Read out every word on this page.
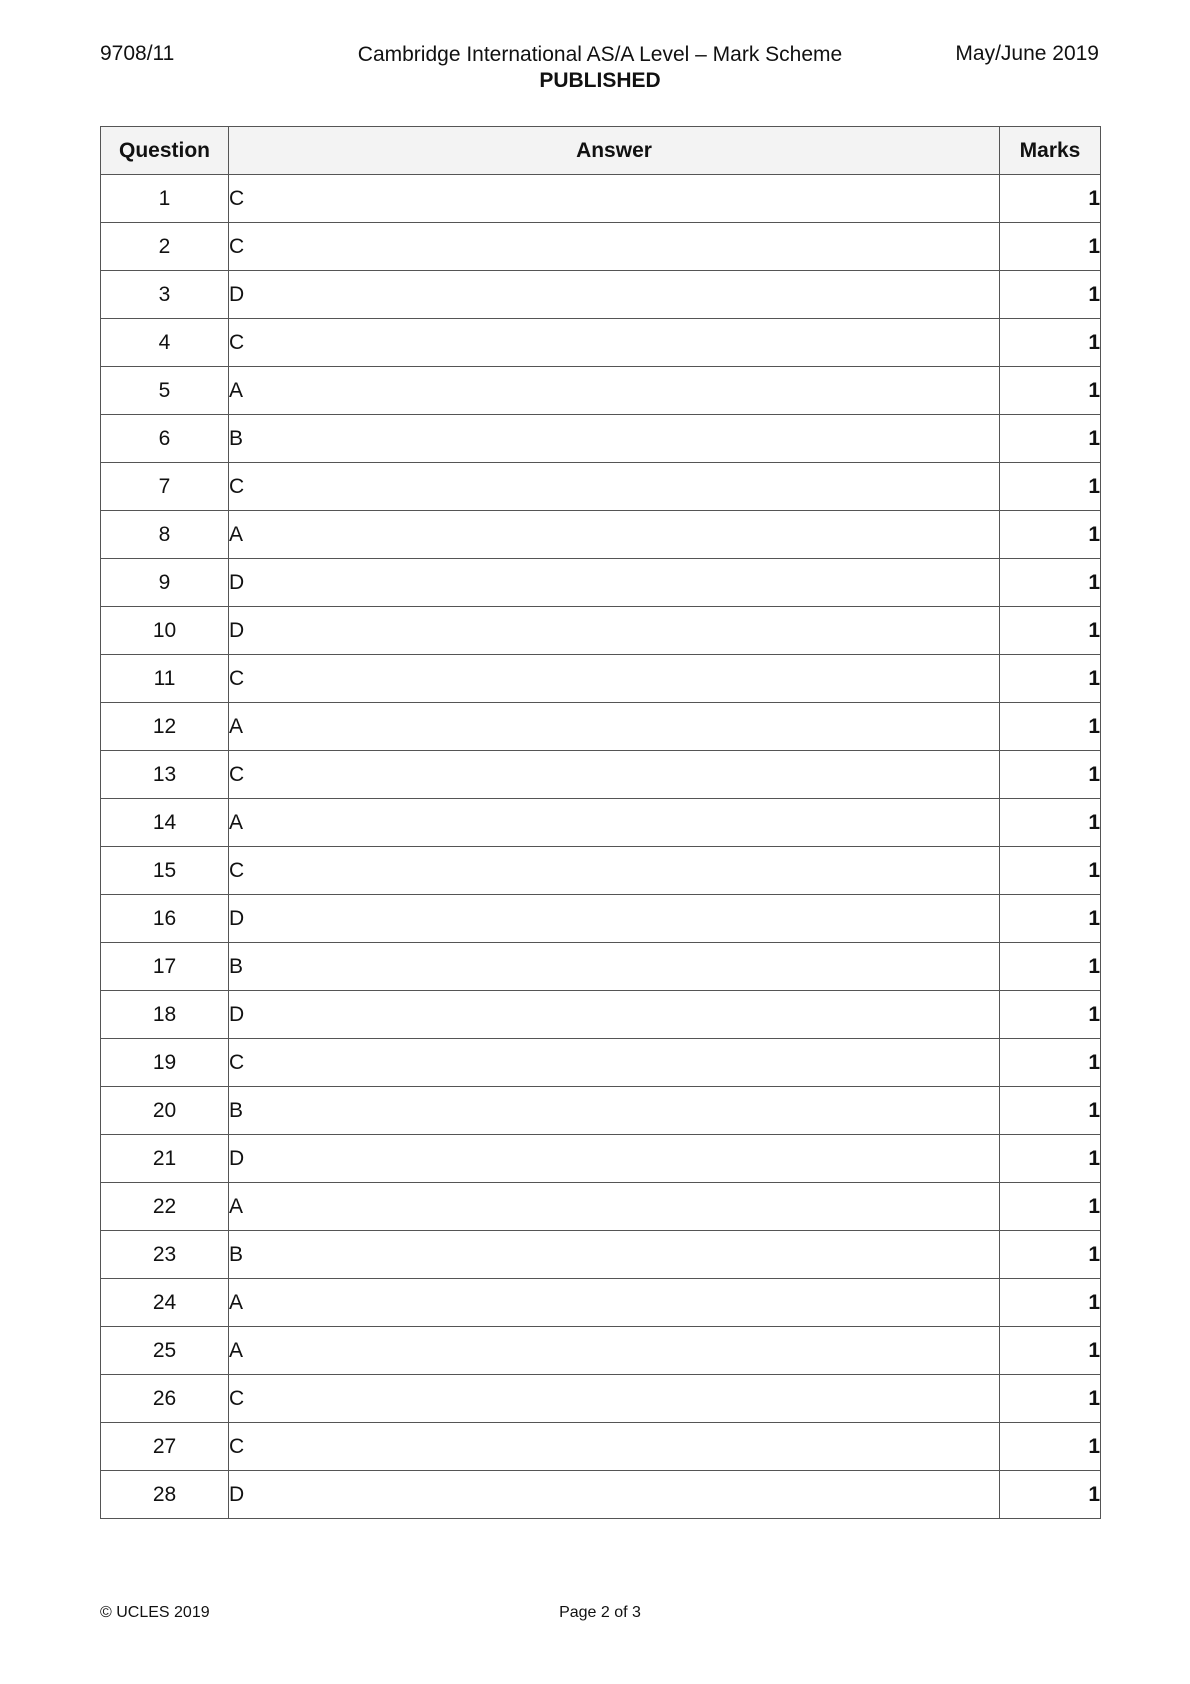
9708/11	Cambridge International AS/A Level – Mark Scheme
PUBLISHED
May/June 2019
Question	Answer	Marks
1	C	1
2	C	1
3	D	1
4	C	1
5	A	1
6	B	1
7	C	1
8	A	1
9	D	1
10	D	1
11	C	1
12	A	1
13	C	1
14	A	1
15	C	1
16	D	1
17	B	1
18	D	1
19	C	1
20	B	1
21	D	1
22	A	1
23	B	1
24	A	1
25	A	1
26	C	1
27	C	1
28	D	1
© UCLES 2019	Page 2 of 3
